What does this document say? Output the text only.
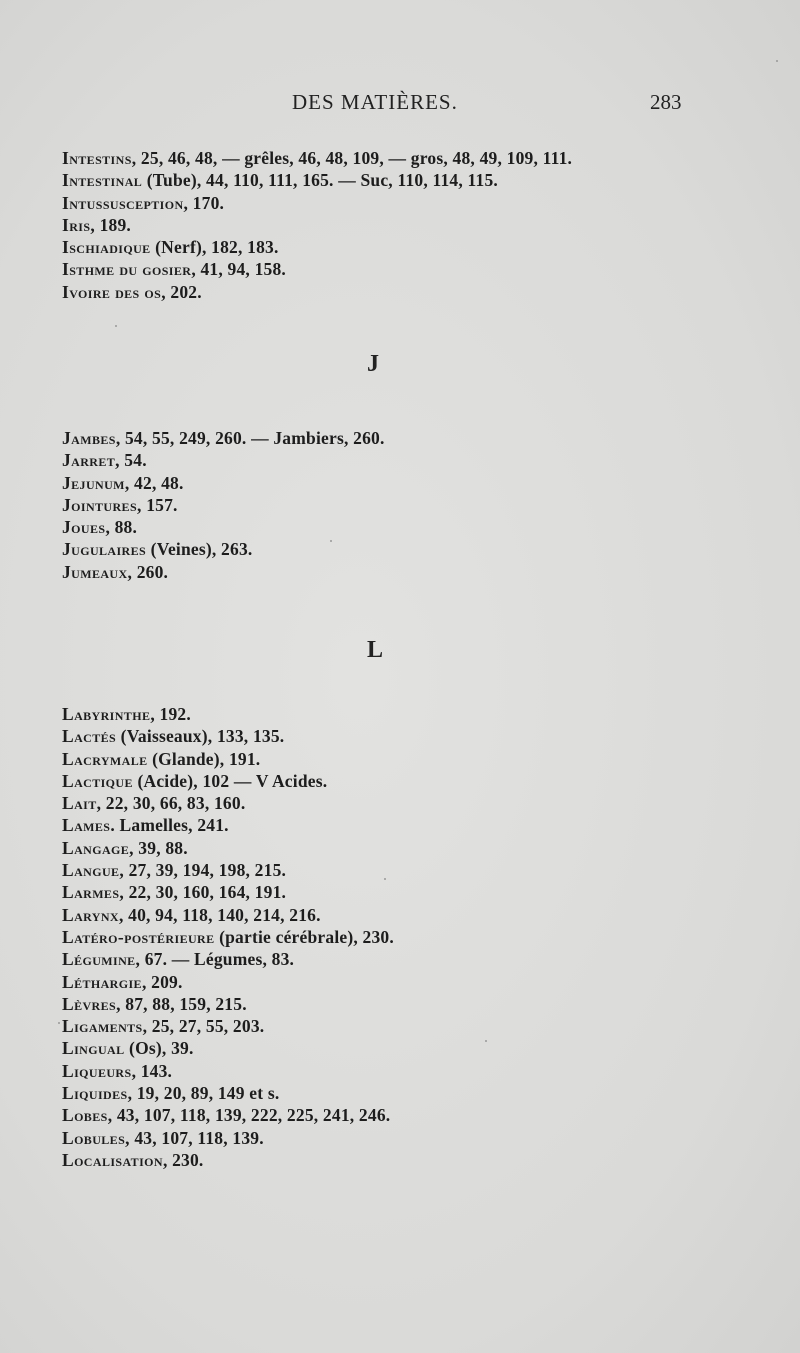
DES MATIÈRES.	283
Intestins, 25, 46, 48, — grêles, 46, 48, 109, — gros, 48, 49, 109, 111.
Intestinal (Tube), 44, 110, 111, 165. — Suc, 110, 114, 115.
Intussusception, 170.
Iris, 189.
Ischiadique (Nerf), 182, 183.
Isthme du gosier, 41, 94, 158.
Ivoire des os, 202.
J
Jambes, 54, 55, 249, 260. — Jambiers, 260.
Jarret, 54.
Jejunum, 42, 48.
Jointures, 157.
Joues, 88.
Jugulaires (Veines), 263.
Jumeaux, 260.
L
Labyrinthe, 192.
Lactés (Vaisseaux), 133, 135.
Lacrymale (Glande), 191.
Lactique (Acide), 102 — V Acides.
Lait, 22, 30, 66, 83, 160.
Lames. Lamelles, 241.
Langage, 39, 88.
Langue, 27, 39, 194, 198, 215.
Larmes, 22, 30, 160, 164, 191.
Larynx, 40, 94, 118, 140, 214, 216.
Latéro-postérieure (partie cérébrale), 230.
Légumine, 67. — Légumes, 83.
Léthargie, 209.
Lèvres, 87, 88, 159, 215.
Ligaments, 25, 27, 55, 203.
Lingual (Os), 39.
Liqueurs, 143.
Liquides, 19, 20, 89, 149 et s.
Lobes, 43, 107, 118, 139, 222, 225, 241, 246.
Lobules, 43, 107, 118, 139.
Localisation, 230.
